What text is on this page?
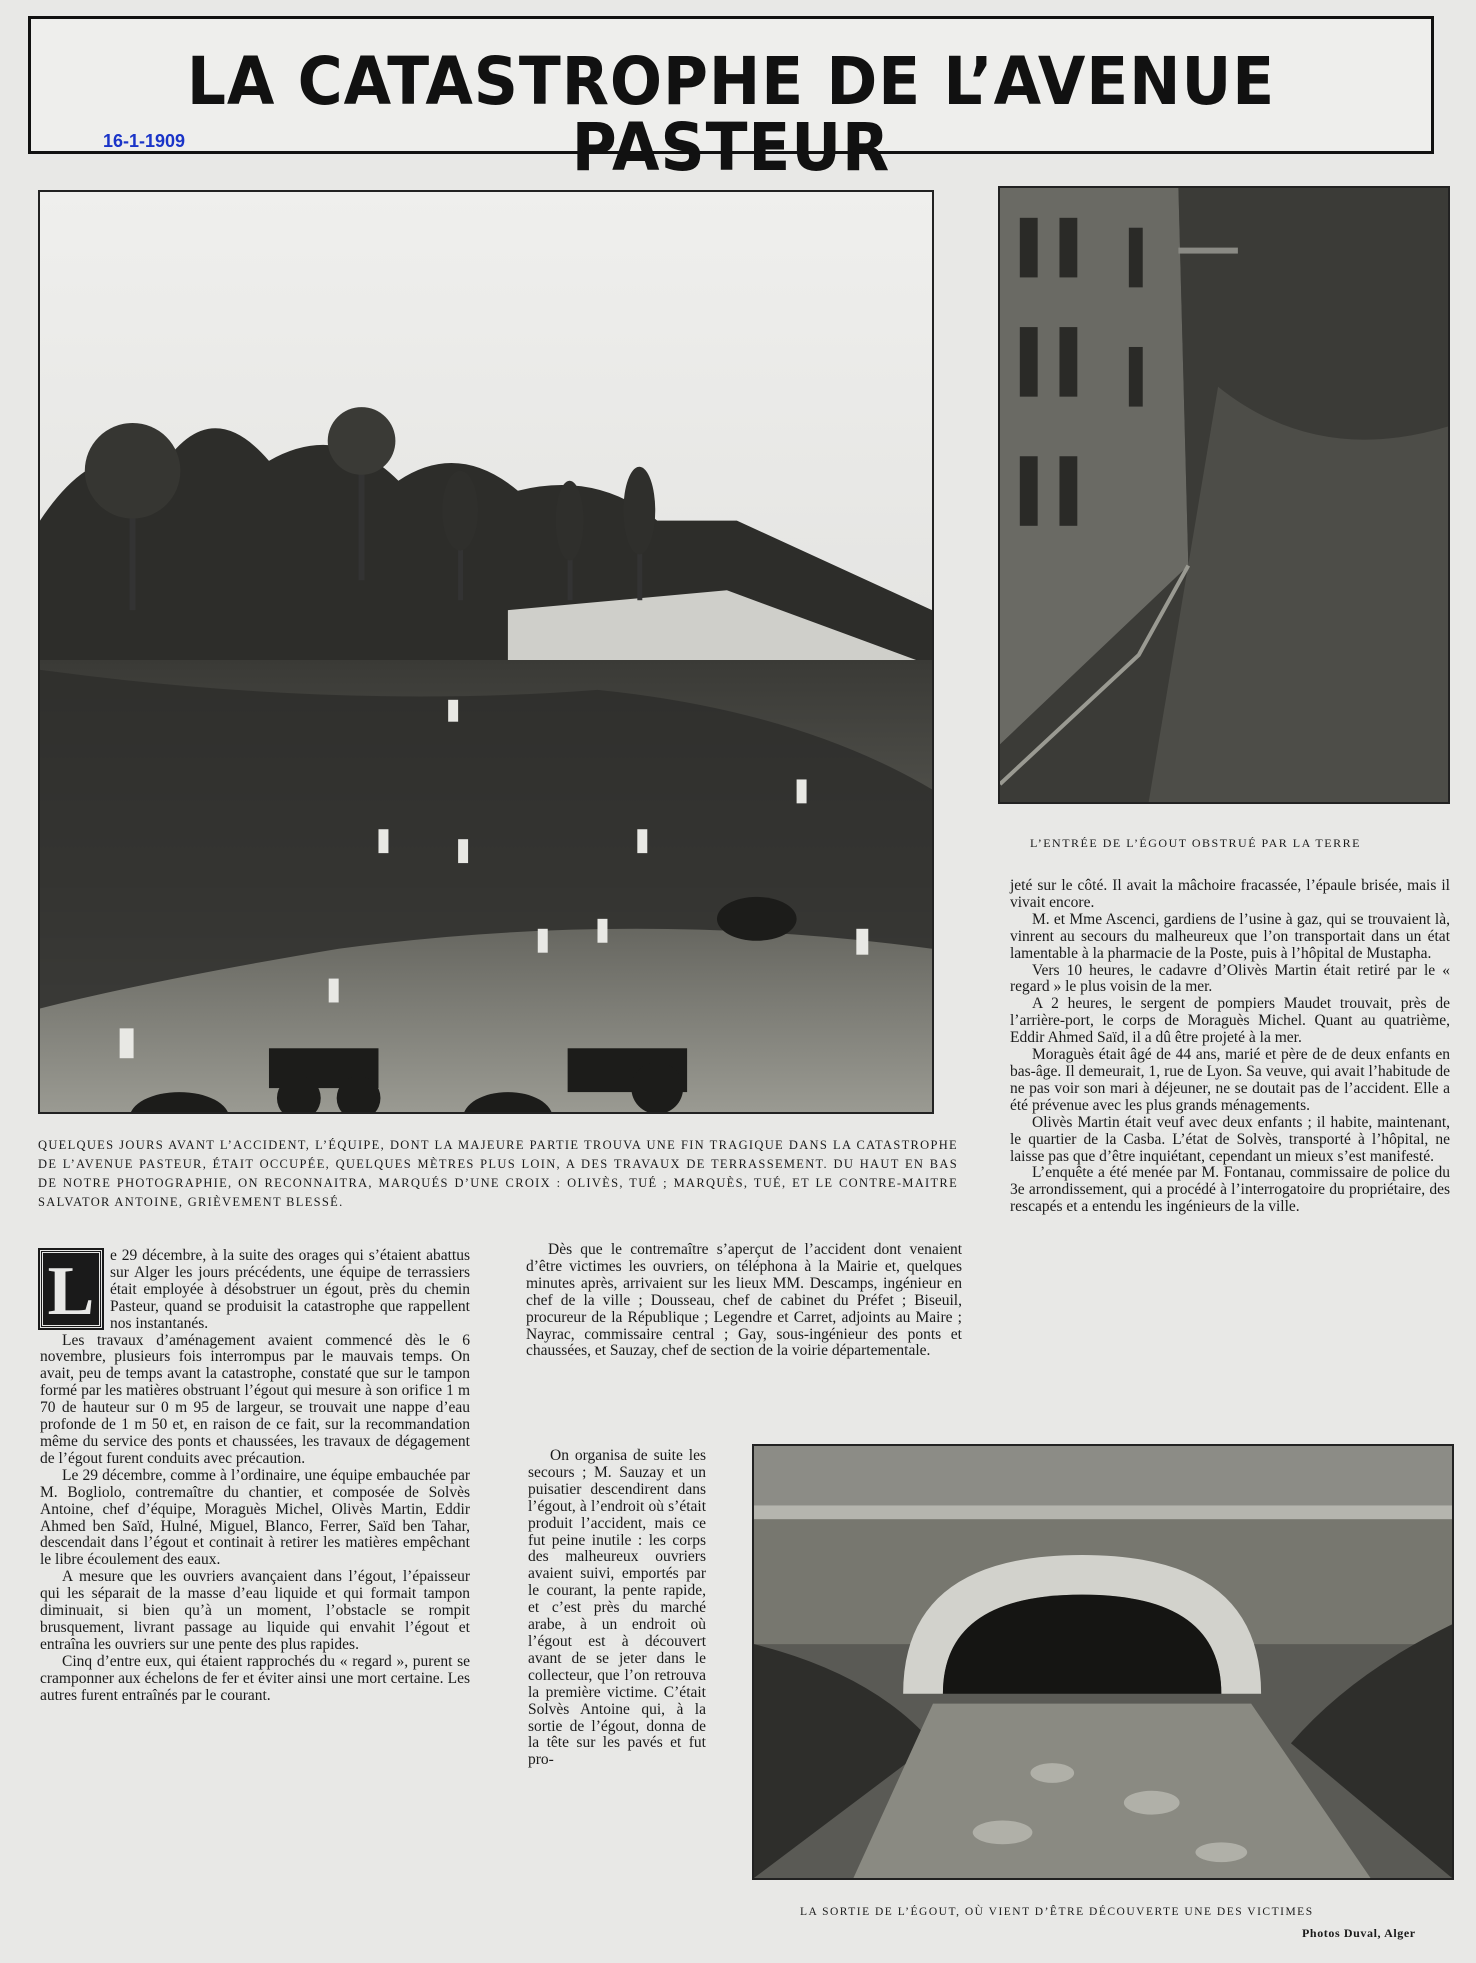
LA CATASTROPHE DE L’AVENUE PASTEUR
16-1-1909
L’ENTRÉE DE L’ÉGOUT OBSTRUÉ PAR LA TERRE
QUELQUES JOURS AVANT L’ACCIDENT, L’ÉQUIPE, DONT LA MAJEURE PARTIE TROUVA UNE FIN TRAGIQUE DANS LA CATASTROPHE DE L’AVENUE PASTEUR, ÉTAIT OCCUPÉE, QUELQUES MÈTRES PLUS LOIN, A DES TRAVAUX DE TERRASSEMENT. DU HAUT EN BAS DE NOTRE PHOTOGRAPHIE, ON RECONNAITRA, MARQUÉS D’UNE CROIX : OLIVÈS, TUÉ ; MARQUÈS, TUÉ, ET LE CONTRE-MAITRE SALVATOR ANTOINE, GRIÈVEMENT BLESSÉ.

L	e 29 décembre, à la suite des orages qui s’étaient abattus sur Alger les jours précédents, une équipe de terrassiers était employée à désobstruer un égout, près du chemin Pasteur, quand se produisit la catastrophe que rappellent nos instantanés.

Les travaux d’aménagement avaient commencé dès le 6 novembre, plusieurs fois interrompus par le mauvais temps. On avait, peu de temps avant la catastrophe, constaté que sur le tampon formé par les matières obstruant l’égout qui mesure à son orifice 1 m 70 de hauteur sur 0 m 95 de largeur, se trouvait une nappe d’eau profonde de 1 m 50 et, en raison de ce fait, sur la recommandation même du service des ponts et chaussées, les travaux de dégagement de l’égout furent conduits avec précaution.

Le 29 décembre, comme à l’ordinaire, une équipe embauchée par M. Bogliolo, contremaître du chantier, et composée de Solvès Antoine, chef d’équipe, Moraguès Michel, Olivès Martin, Eddir Ahmed ben Saïd, Hulné, Miguel, Blanco, Ferrer, Saïd ben Tahar, descendait dans l’égout et continait à retirer les matières empêchant le libre écoulement des eaux.

A mesure que les ouvriers avançaient dans l’égout, l’épaisseur qui les séparait de la masse d’eau liquide et qui formait tampon diminuait, si bien qu’à un moment, l’obstacle se rompit brusquement, livrant passage au liquide qui envahit l’égout et entraîna les ouvriers sur une pente des plus rapides.

Cinq d’entre eux, qui étaient rapprochés du « regard », purent se cramponner aux échelons de fer et éviter ainsi une mort certaine. Les autres furent entraînés par le courant.

Dès que le contremaître s’aperçut de l’accident dont venaient d’être victimes les ouvriers, on téléphona à la Mairie et, quelques minutes après, arrivaient sur les lieux MM. Descamps, ingénieur en chef de la ville ; Dousseau, chef de cabinet du Préfet ; Biseuil, procureur de la République ; Legendre et Carret, adjoints au Maire ; Nayrac, commissaire central ; Gay, sous-ingénieur des ponts et chaussées, et Sauzay, chef de section de la voirie départementale.

On organisa de suite les secours ; M. Sauzay et un puisatier descendirent dans l’égout, à l’endroit où s’était produit l’accident, mais ce fut peine inutile : les corps des malheureux ouvriers avaient suivi, emportés par le courant, la pente rapide, et c’est près du marché arabe, à un endroit où l’égout est à découvert avant de se jeter dans le collecteur, que l’on retrouva la première victime. C’était Solvès Antoine qui, à la sortie de l’égout, donna de la tête sur les pavés et fut pro-

jeté sur le côté. Il avait la mâchoire fracassée, l’épaule brisée, mais il vivait encore.

M. et Mme Ascenci, gardiens de l’usine à gaz, qui se trouvaient là, vinrent au secours du malheureux que l’on transportait dans un état lamentable à la pharmacie de la Poste, puis à l’hôpital de Mustapha.

Vers 10 heures, le cadavre d’Olivès Martin était retiré par le « regard » le plus voisin de la mer.

A 2 heures, le sergent de pompiers Maudet trouvait, près de l’arrière-port, le corps de Moraguès Michel. Quant au quatrième, Eddir Ahmed Saïd, il a dû être projeté à la mer.

Moraguès était âgé de 44 ans, marié et père de de deux enfants en bas-âge. Il demeurait, 1, rue de Lyon. Sa veuve, qui avait l’habitude de ne pas voir son mari à déjeuner, ne se doutait pas de l’accident. Elle a été prévenue avec les plus grands ménagements.

Olivès Martin était veuf avec deux enfants ; il habite, maintenant, le quartier de la Casba. L’état de Solvès, transporté à l’hôpital, ne laisse pas que d’être inquiétant, cependant un mieux s’est manifesté.

L’enquête a été menée par M. Fontanau, commissaire de police du 3e arrondissement, qui a procédé à l’interrogatoire du propriétaire, des rescapés et a entendu les ingénieurs de la ville.

LA SORTIE DE L’ÉGOUT, OÙ VIENT D’ÊTRE DÉCOUVERTE UNE DES VICTIMES
Photos Duval, Alger
